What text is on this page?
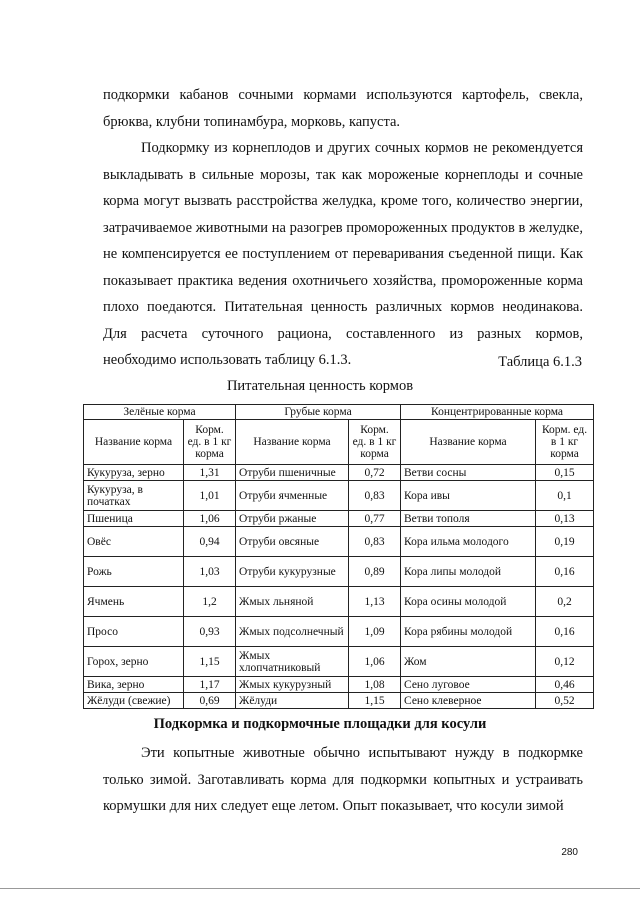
подкормки кабанов сочными кормами используются картофель, свекла, брюква, клубни топинамбура, морковь, капуста.
Подкормку из корнеплодов и других сочных кормов не рекомендуется выкладывать в сильные морозы, так как мороженые корнеплоды и сочные корма могут вызвать расстройства желудка, кроме того, количество энергии, затрачиваемое животными на разогрев промороженных продуктов в желудке, не компенсируется ее поступлением от переваривания съеденной пищи. Как показывает практика ведения охотничьего хозяйства, промороженные корма плохо поедаются. Питательная ценность различных кормов неодинакова. Для расчета суточного рациона, составленного из разных кормов, необходимо использовать таблицу 6.1.3.	Таблица 6.1.3
Питательная ценность кормов
Зелёные корма		Грубые корма		Концентрированные корма	
Название корма	Корм. ед. в 1 кг корма	Название корма	Корм. ед. в 1 кг корма	Название корма	Корм. ед. в 1 кг корма
Кукуруза, зерно	1,31	Отруби пшеничные	0,72	Ветви сосны	0,15
Кукуруза, в початках	1,01	Отруби ячменные	0,83	Кора ивы	0,1
Пшеница	1,06	Отруби ржаные	0,77	Ветви тополя	0,13
Овёс	0,94	Отруби овсяные	0,83	Кора ильма молодого	0,19
Рожь	1,03	Отруби кукурузные	0,89	Кора липы молодой	0,16
Ячмень	1,2	Жмых льняной	1,13	Кора осины молодой	0,2
Просо	0,93	Жмых подсолнечный	1,09	Кора рябины молодой	0,16
Горох, зерно	1,15	Жмых хлопчатниковый	1,06	Жом	0,12
Вика, зерно	1,17	Жмых кукурузный	1,08	Сено луговое	0,46
Жёлуди (свежие)	0,69	Жёлуди	1,15	Сено клеверное	0,52
Подкормка и подкормочные площадки для косули
Эти копытные животные обычно испытывают нужду в подкормке только зимой. Заготавливать корма для подкормки копытных и устраивать кормушки для них следует еще летом. Опыт показывает, что косули зимой
280
